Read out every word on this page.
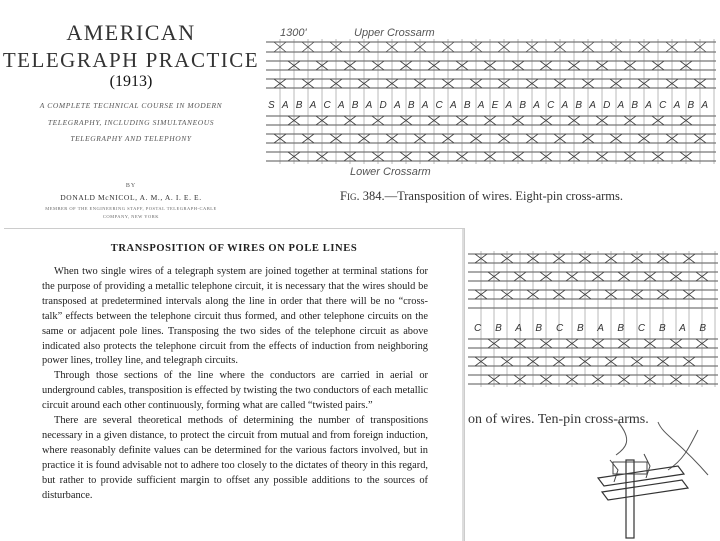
AMERICAN
TELEGRAPH PRACTICE
(1913)
A COMPLETE TECHNICAL COURSE IN MODERN
TELEGRAPHY, INCLUDING SIMULTANEOUS
TELEGRAPHY AND TELEPHONY
BY
DONALD McNICOL, A. M., A. I. E. E.
MEMBER OF THE ENGINEERING STAFF, POSTAL TELEGRAPH-CABLE
COMPANY, NEW YORK
1300'	Upper Crossarm
S A B A C A B A D A B A C A B A E A B A C A B A D A B A C A B A
Lower Crossarm
Fig. 384.—Transposition of wires. Eight-pin cross-arms.
C B A B C B A B C B A B
on of wires. Ten-pin cross-arms.
TRANSPOSITION OF WIRES ON POLE LINES

When two single wires of a telegraph system are joined together at terminal stations for the purpose of providing a metallic telephone circuit, it is necessary that the wires should be transposed at predetermined intervals along the line in order that there will be no “cross-talk” effects between the telephone circuit thus formed, and other telephone circuits on the same or adjacent pole lines. Transposing the two sides of the telephone circuit as above indicated also protects the telephone circuit from the effects of induction from neighboring power lines, trolley line, and telegraph circuits.

Through those sections of the line where the conductors are carried in aerial or underground cables, transposition is effected by twisting the two conductors of each metallic circuit around each other continuously, forming what are called “twisted pairs.”

There are several theoretical methods of determining the number of transpositions necessary in a given distance, to protect the circuit from mutual and from foreign induction, where reasonably definite values can be determined for the various factors involved, but in practice it is found advisable not to adhere too closely to the dictates of theory in this regard, but rather to provide sufficient margin to offset any possible additions to the sources of disturbance.
